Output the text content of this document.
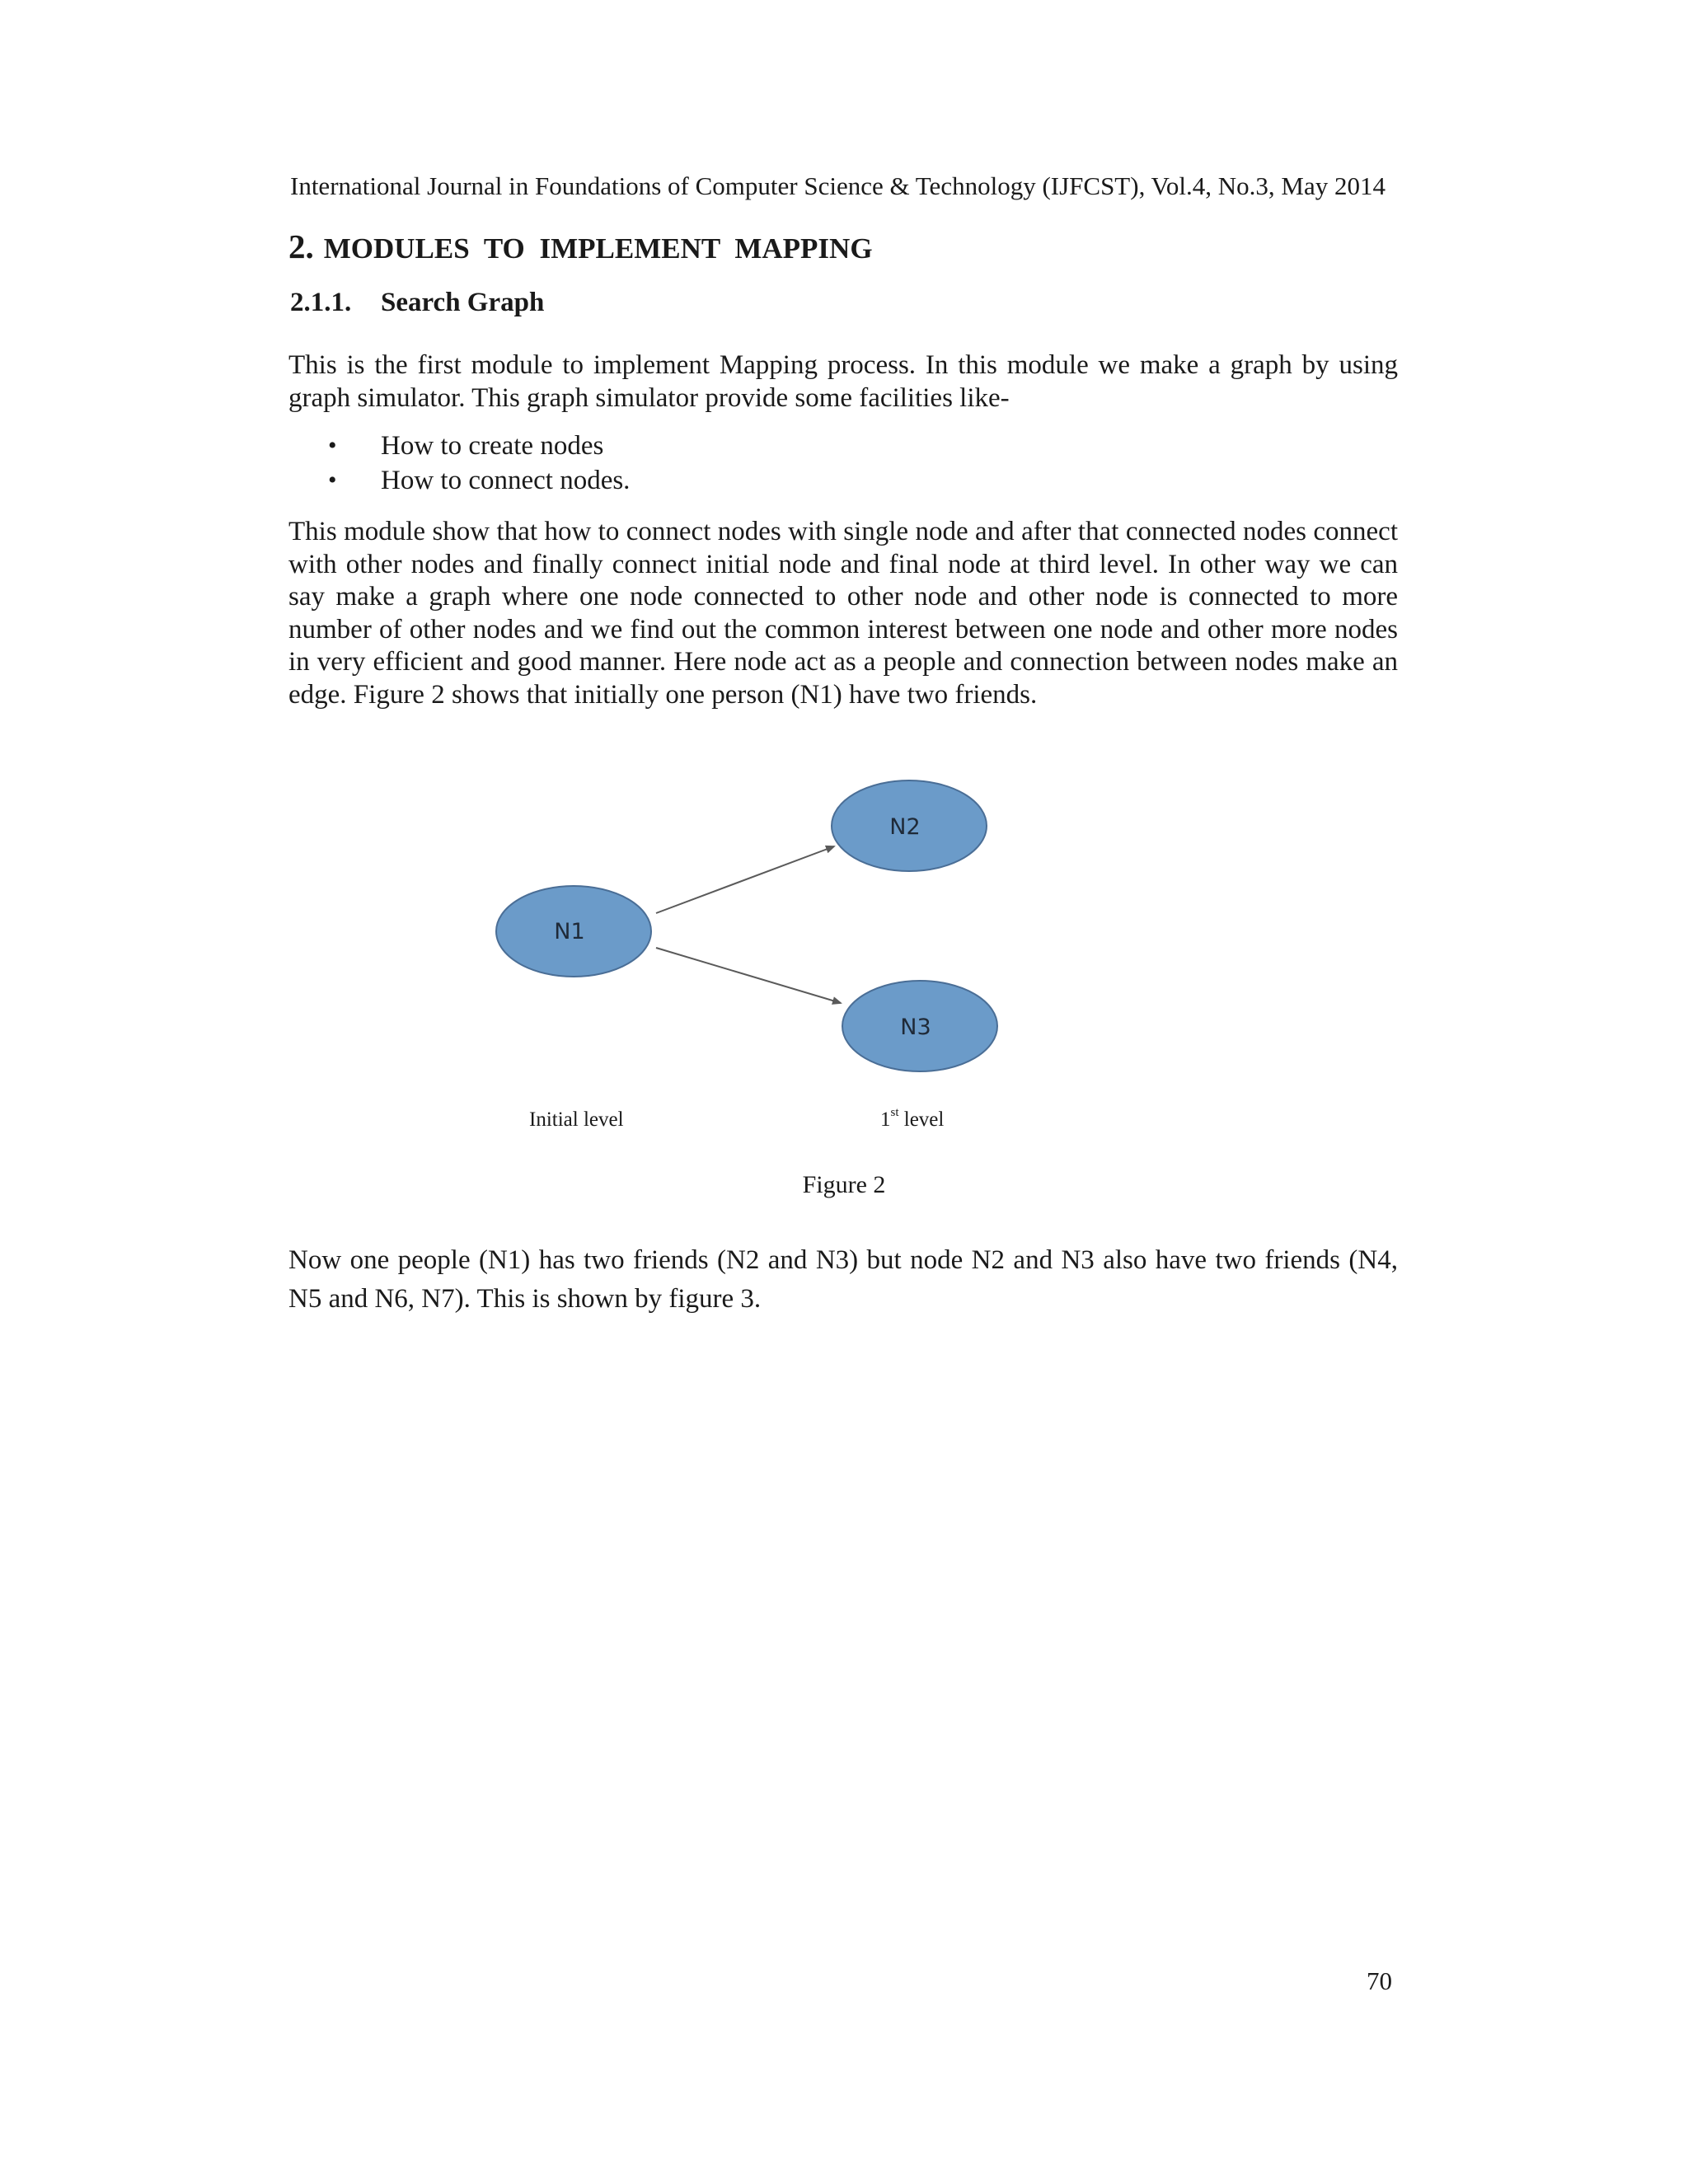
International Journal in Foundations of Computer Science & Technology (IJFCST), Vol.4, No.3, May 2014
2. MODULES TO IMPLEMENT MAPPING
2.1.1. Search Graph

This is the first module to implement Mapping process. In this module we make a graph by using graph simulator. This graph simulator provide some facilities like-

• How to create nodes
• How to connect nodes.

This module show that how to connect nodes with single node and after that connected nodes connect with other nodes and finally connect initial node and final node at third level. In other way we can say make a graph where one node connected to other node and other node is connected to more number of other nodes and we find out the common interest between one node and other more nodes in very efficient and good manner. Here node act as a people and connection between nodes make an edge. Figure 2 shows that initially one person (N1) have two friends.

N1
N2
N3
Initial level	1st level
Figure 2

Now one people (N1) has two friends (N2 and N3) but node N2 and N3 also have two friends (N4, N5 and N6, N7). This is shown by figure 3.

70
